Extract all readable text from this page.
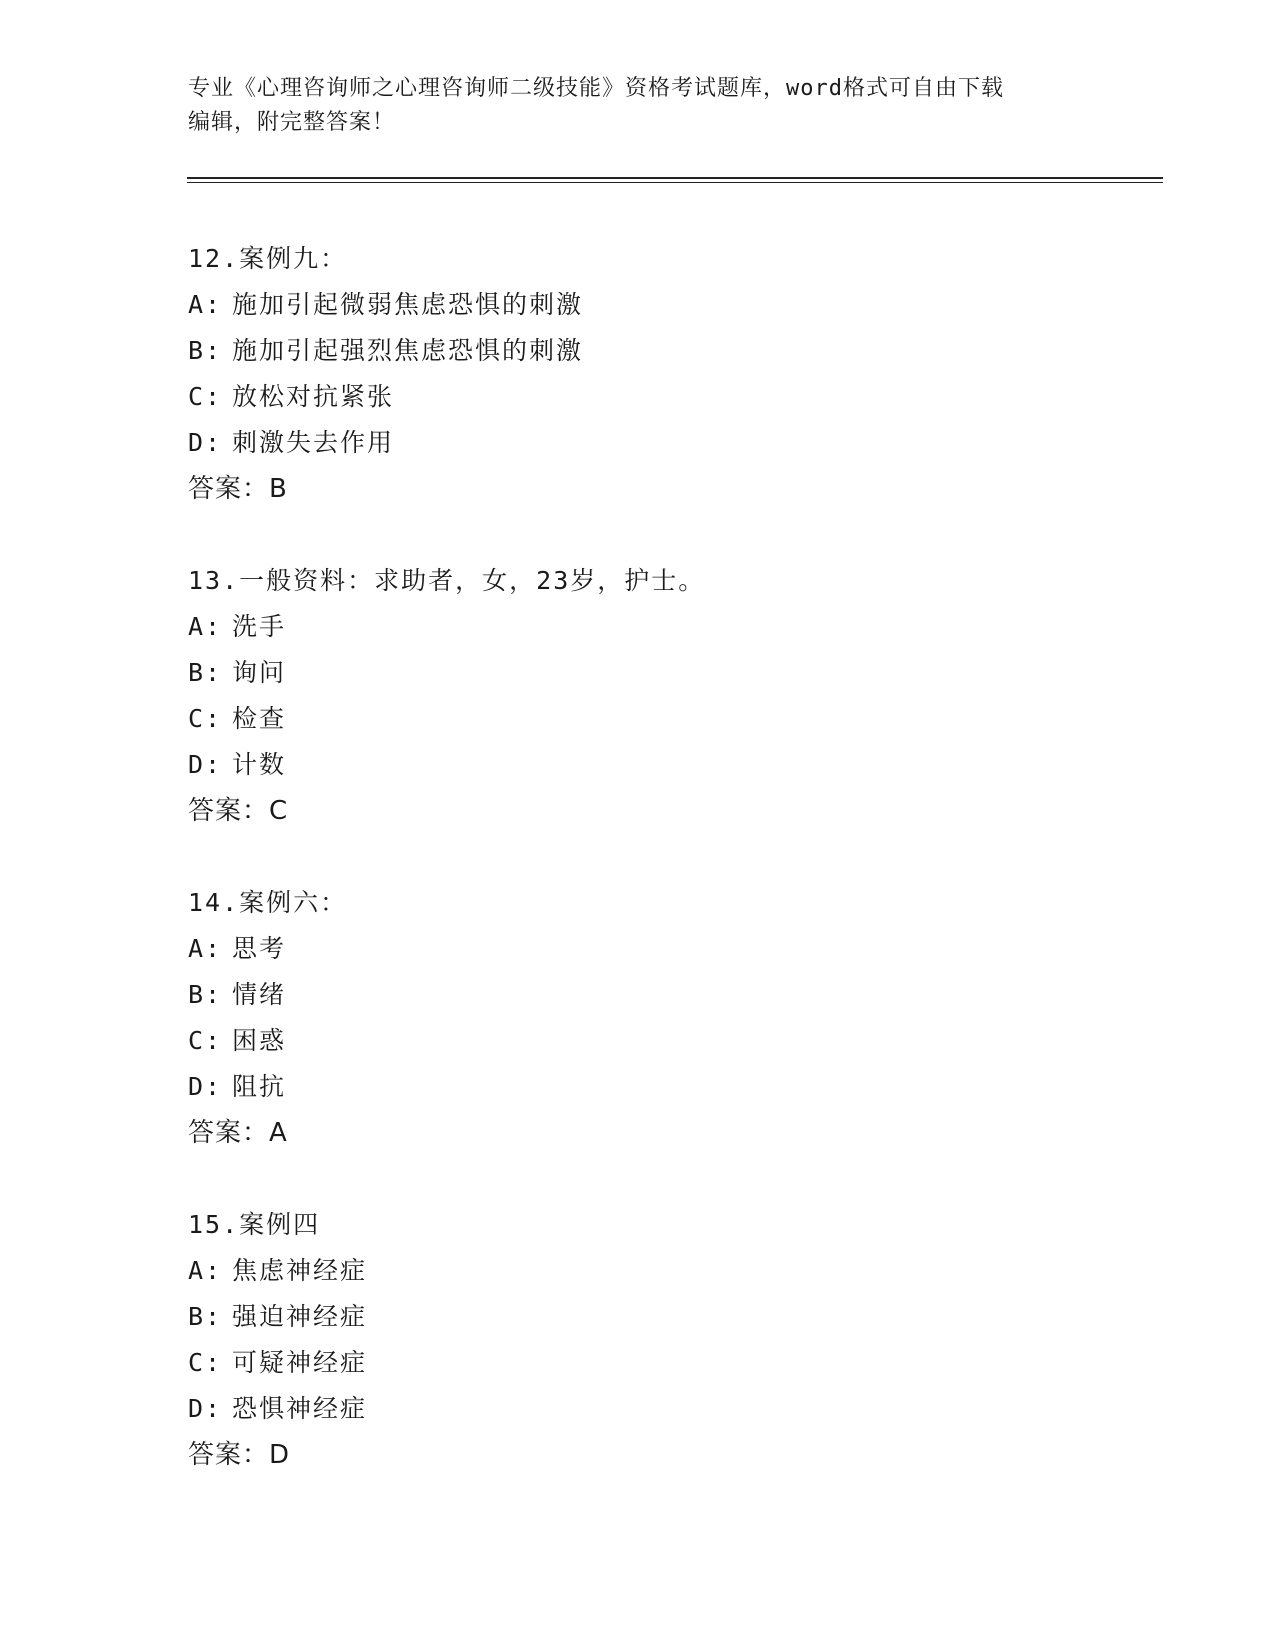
专业《心理咨询师之心理咨询师二级技能》资格考试题库，word格式可自由下载
编辑，附完整答案！
12.案例九：
A: 施加引起微弱焦虑恐惧的刺激
B: 施加引起强烈焦虑恐惧的刺激
C: 放松对抗紧张
D: 刺激失去作用
答案：B
13.一般资料：求助者，女，23岁，护士。
A: 洗手
B: 询问
C: 检查
D: 计数
答案：C
14.案例六：
A: 思考
B: 情绪
C: 困惑
D: 阻抗
答案：A
15.案例四
A: 焦虑神经症
B: 强迫神经症
C: 可疑神经症
D: 恐惧神经症
答案：D
